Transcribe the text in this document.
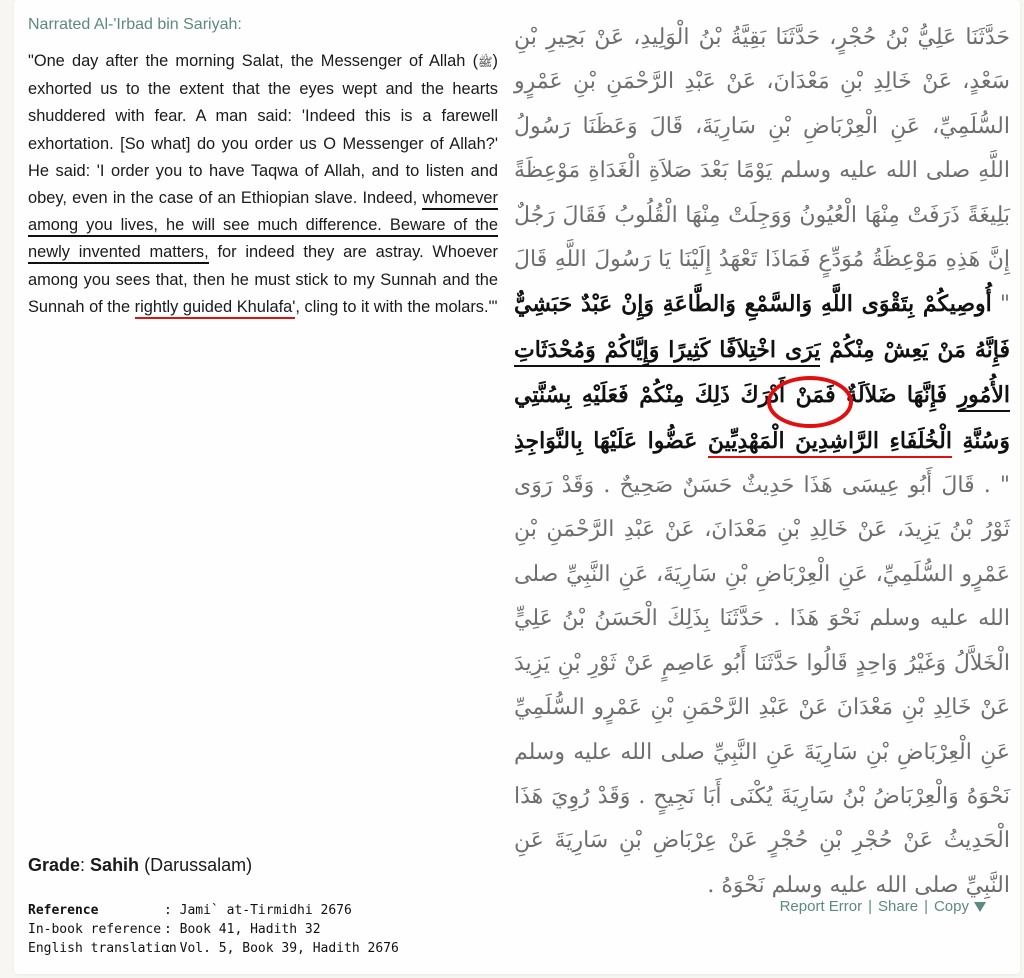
Narrated Al-'Irbad bin Sariyah:

"One day after the morning Salat, the Messenger of Allah (ﷺ) exhorted us to the extent that the eyes wept and the hearts shuddered with fear. A man said: 'Indeed this is a farewell exhortation. [So what] do you order us O Messenger of Allah?' He said: 'I order you to have Taqwa of Allah, and to listen and obey, even in the case of an Ethiopian slave. Indeed, whomever among you lives, he will see much difference. Beware of the newly invented matters, for indeed they are astray. Whoever among you sees that, then he must stick to my Sunnah and the Sunnah of the rightly guided Khulafa', cling to it with the molars.'"

حَدَّثَنَا عَلِيُّ بْنُ حُجْرٍ، حَدَّثَنَا بَقِيَّةُ بْنُ الْوَلِيدِ، عَنْ بَحِيرِ بْنِ سَعْدٍ، عَنْ خَالِدِ بْنِ مَعْدَانَ، عَنْ عَبْدِ الرَّحْمَنِ بْنِ عَمْرٍو السُّلَمِيِّ، عَنِ الْعِرْبَاضِ بْنِ سَارِيَةَ، قَالَ وَعَظَنَا رَسُولُ اللَّهِ صلى الله عليه وسلم يَوْمًا بَعْدَ صَلاَةِ الْغَدَاةِ مَوْعِظَةً بَلِيغَةً ذَرَفَتْ مِنْهَا الْعُيُونُ وَوَجِلَتْ مِنْهَا الْقُلُوبُ فَقَالَ رَجُلٌ إِنَّ هَذِهِ مَوْعِظَةُ مُوَدِّعٍ فَمَاذَا تَعْهَدُ إِلَيْنَا يَا رَسُولَ اللَّهِ قَالَ " أُوصِيكُمْ بِتَقْوَى اللَّهِ وَالسَّمْعِ وَالطَّاعَةِ وَإِنْ عَبْدٌ حَبَشِيٌّ فَإِنَّهُ مَنْ يَعِشْ مِنْكُمْ يَرَى اخْتِلاَفًا كَثِيرًا وَإِيَّاكُمْ وَمُحْدَثَاتِ الأُمُورِ فَإِنَّهَا ضَلاَلَةٌ فَمَنْ أَدْرَكَ ذَلِكَ مِنْكُمْ فَعَلَيْهِ بِسُنَّتِي وَسُنَّةِ الْخُلَفَاءِ الرَّاشِدِينَ الْمَهْدِيِّينَ عَضُّوا عَلَيْهَا بِالنَّوَاجِذِ " . قَالَ أَبُو عِيسَى هَذَا حَدِيثٌ حَسَنٌ صَحِيحٌ . وَقَدْ رَوَى ثَوْرُ بْنُ يَزِيدَ، عَنْ خَالِدِ بْنِ مَعْدَانَ، عَنْ عَبْدِ الرَّحْمَنِ بْنِ عَمْرٍو السُّلَمِيِّ، عَنِ الْعِرْبَاضِ بْنِ سَارِيَةَ، عَنِ النَّبِيِّ صلى الله عليه وسلم نَحْوَ هَذَا . حَدَّثَنَا بِذَلِكَ الْحَسَنُ بْنُ عَلِيٍّ الْخَلاَّلُ وَغَيْرُ وَاحِدٍ قَالُوا حَدَّثَنَا أَبُو عَاصِمٍ عَنْ ثَوْرِ بْنِ يَزِيدَ عَنْ خَالِدِ بْنِ مَعْدَانَ عَنْ عَبْدِ الرَّحْمَنِ بْنِ عَمْرٍو السُّلَمِيِّ عَنِ الْعِرْبَاضِ بْنِ سَارِيَةَ عَنِ النَّبِيِّ صلى الله عليه وسلم نَحْوَهُ وَالْعِرْبَاضُ بْنُ سَارِيَةَ يُكْنَى أَبَا نَجِيحٍ . وَقَدْ رُوِيَ هَذَا الْحَدِيثُ عَنْ حُجْرِ بْنِ حُجْرٍ عَنْ عِرْبَاضِ بْنِ سَارِيَةَ عَنِ النَّبِيِّ صلى الله عليه وسلم نَحْوَهُ .

Grade: Sahih (Darussalam)
Reference	: Jami` at-Tirmidhi 2676
In-book reference : Book 41, Hadith 32
English translation
: Vol. 5, Book 39, Hadith 2676
Report Error | Share | Copy
